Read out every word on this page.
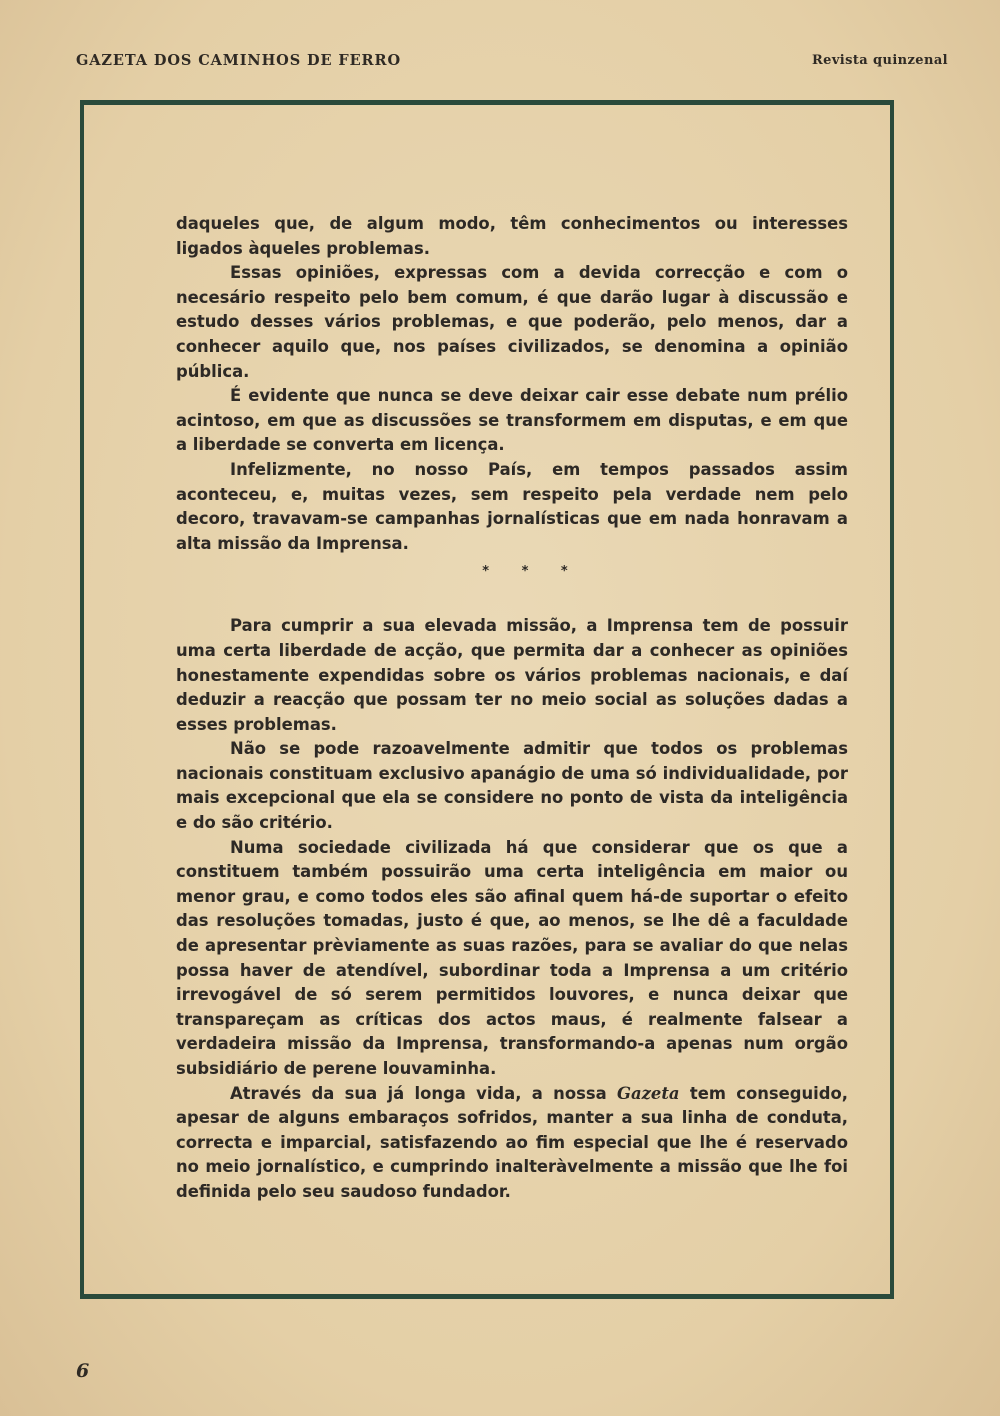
GAZETA DOS CAMINHOS DE FERRO	Revista quinzenal

daqueles que, de algum modo, têm conhecimentos ou interesses ligados àqueles problemas.

Essas opiniões, expressas com a devida correcção e com o necesário respeito pelo bem comum, é que darão lugar à discussão e estudo desses vários problemas, e que poderão, pelo menos, dar a conhecer aquilo que, nos países civilizados, se denomina a opinião pública.

É evidente que nunca se deve deixar cair esse debate num prélio acintoso, em que as discussões se transformem em disputas, e em que a liberdade se converta em licença.

Infelizmente, no nosso País, em tempos passados assim aconteceu, e, muitas vezes, sem respeito pela verdade nem pelo decoro, travavam-se campanhas jornalísticas que em nada honravam a alta missão da Imprensa.

* * *

Para cumprir a sua elevada missão, a Imprensa tem de possuir uma certa liberdade de acção, que permita dar a conhecer as opiniões honestamente expendidas sobre os vários problemas nacionais, e daí deduzir a reacção que possam ter no meio social as soluções dadas a esses problemas.

Não se pode razoavelmente admitir que todos os problemas nacionais constituam exclusivo apanágio de uma só individualidade, por mais excepcional que ela se considere no ponto de vista da inteligência e do são critério.

Numa sociedade civilizada há que considerar que os que a constituem também possuirão uma certa inteligência em maior ou menor grau, e como todos eles são afinal quem há-de suportar o efeito das resoluções tomadas, justo é que, ao menos, se lhe dê a faculdade de apresentar prèviamente as suas razões, para se avaliar do que nelas possa haver de atendível, subordinar toda a Imprensa a um critério irrevogável de só serem permitidos louvores, e nunca deixar que transpareçam as críticas dos actos maus, é realmente falsear a verdadeira missão da Imprensa, transformando-a apenas num orgão subsidiário de perene louvaminha.

Através da sua já longa vida, a nossa Gazeta tem conseguido, apesar de alguns embaraços sofridos, manter a sua linha de conduta, correcta e imparcial, satisfazendo ao fim especial que lhe é reservado no meio jornalístico, e cumprindo inalteràvelmente a missão que lhe foi definida pelo seu saudoso fundador.

6
